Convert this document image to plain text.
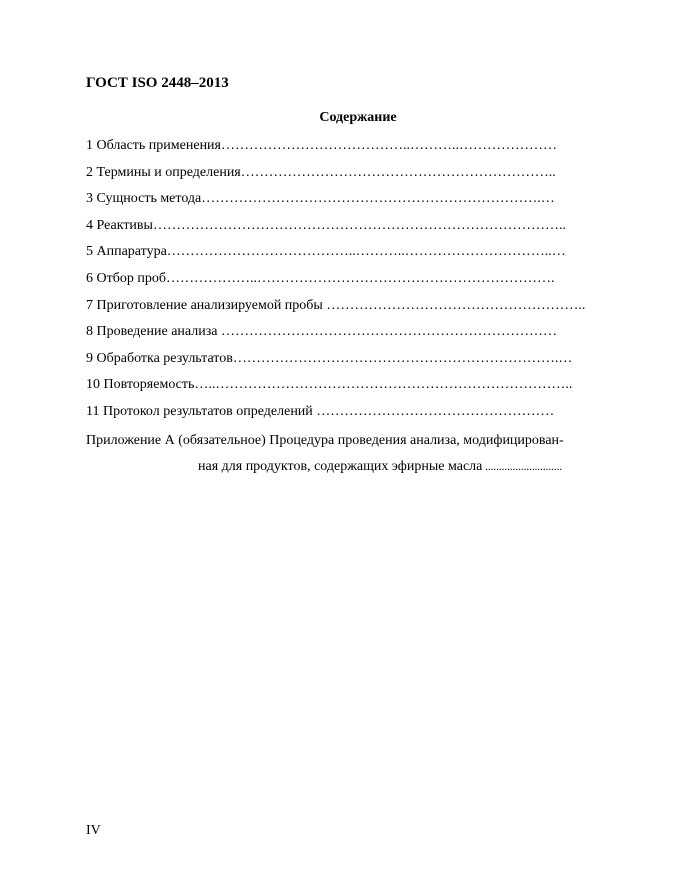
ГОСТ ISO 2448–2013
Содержание
1 Область применения…………………………………..………..…………………
2 Термины и определения…………………………………………………………..
3 Сущность метода……………………………………………………………….…
4 Реактивы……………………………………………………………………………..
5 Аппаратура…………………………………..………..…………………………..…
6 Отбор проб………………..……………………………………………………….
7 Приготовление анализируемой пробы ………………………………………………..
8 Проведение анализа ………………………………………………………………
9 Обработка результатов…………………………………………………………….…
10 Повторяемость…..…………………………………………………………………..
11 Протокол результатов определений ……………………………………………
Приложение А (обязательное) Процедура проведения анализа, модифицирован-
ная для продуктов, содержащих эфирные масла ............................
IV
